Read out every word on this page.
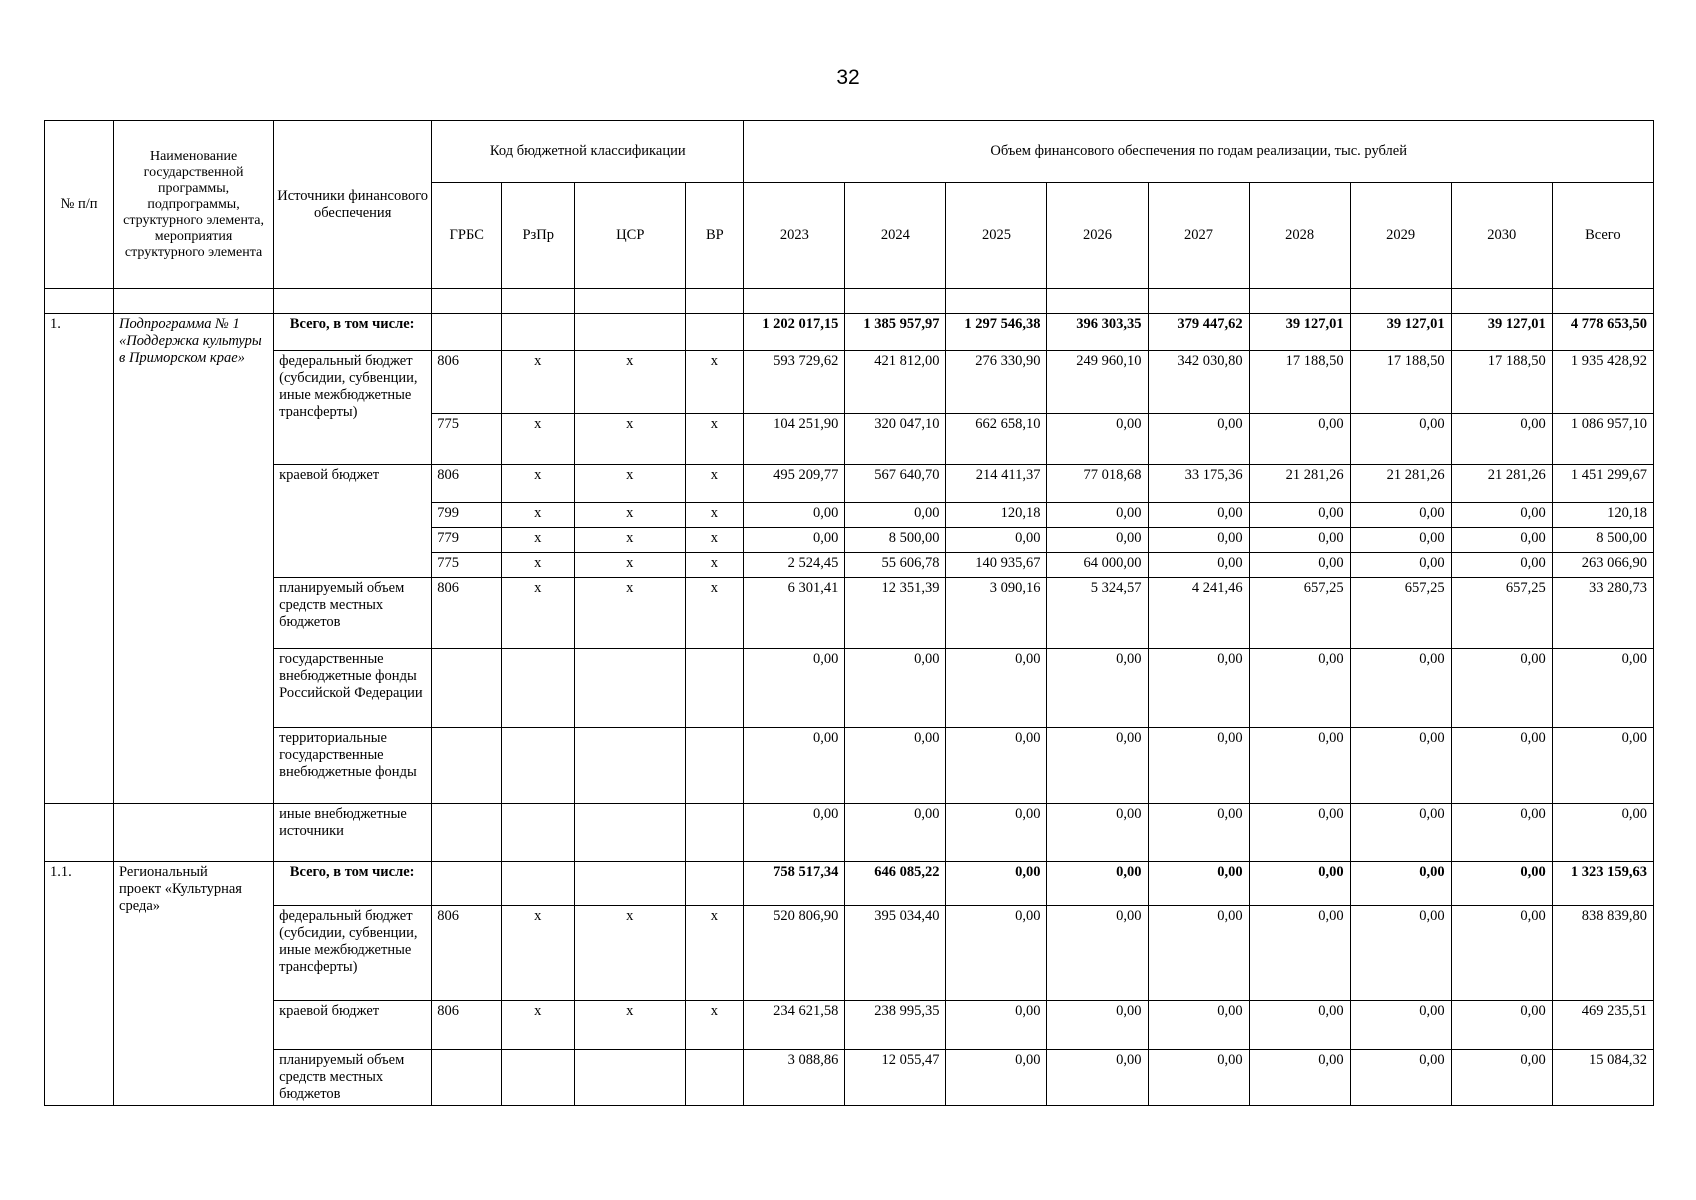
32
№ п/п	Наименование государственной программы, подпрограммы, структурного элемента, мероприятия структурного элемента	Источники финансового обеспечения	Код бюджетной классификации				Объем финансового обеспечения по годам реализации, тыс. рублей								
			ГРБС	РзПр	ЦСР	ВР	2023	2024	2025	2026	2027	2028	2029	2030	Всего

1.	Подпрограмма № 1 «Поддержка культуры в Приморском крае»	Всего, в том числе:					1 202 017,15	1 385 957,97	1 297 546,38	396 303,35	379 447,62	39 127,01	39 127,01	39 127,01	4 778 653,50
		федеральный бюджет (субсидии, субвенции, иные межбюджетные трансферты)	806	x	x	x	593 729,62	421 812,00	276 330,90	249 960,10	342 030,80	17 188,50	17 188,50	17 188,50	1 935 428,92
			775	x	x	x	104 251,90	320 047,10	662 658,10	0,00	0,00	0,00	0,00	0,00	1 086 957,10
		краевой бюджет	806	x	x	x	495 209,77	567 640,70	214 411,37	77 018,68	33 175,36	21 281,26	21 281,26	21 281,26	1 451 299,67
			799	x	x	x	0,00	0,00	120,18	0,00	0,00	0,00	0,00	0,00	120,18
			779	x	x	x	0,00	8 500,00	0,00	0,00	0,00	0,00	0,00	0,00	8 500,00
			775	x	x	x	2 524,45	55 606,78	140 935,67	64 000,00	0,00	0,00	0,00	0,00	263 066,90
		планируемый объем средств местных бюджетов	806	x	x	x	6 301,41	12 351,39	3 090,16	5 324,57	4 241,46	657,25	657,25	657,25	33 280,73
		государственные внебюджетные фонды Российской Федерации					0,00	0,00	0,00	0,00	0,00	0,00	0,00	0,00	0,00
		территориальные государственные внебюджетные фонды					0,00	0,00	0,00	0,00	0,00	0,00	0,00	0,00	0,00
		иные внебюджетные источники					0,00	0,00	0,00	0,00	0,00	0,00	0,00	0,00	0,00
1.1.	Региональный проект «Культурная среда»	Всего, в том числе:					758 517,34	646 085,22	0,00	0,00	0,00	0,00	0,00	0,00	1 323 159,63
		федеральный бюджет (субсидии, субвенции, иные межбюджетные трансферты)	806	x	x	x	520 806,90	395 034,40	0,00	0,00	0,00	0,00	0,00	0,00	838 839,80
		краевой бюджет	806	x	x	x	234 621,58	238 995,35	0,00	0,00	0,00	0,00	0,00	0,00	469 235,51
		планируемый объем средств местных бюджетов					3 088,86	12 055,47	0,00	0,00	0,00	0,00	0,00	0,00	15 084,32
